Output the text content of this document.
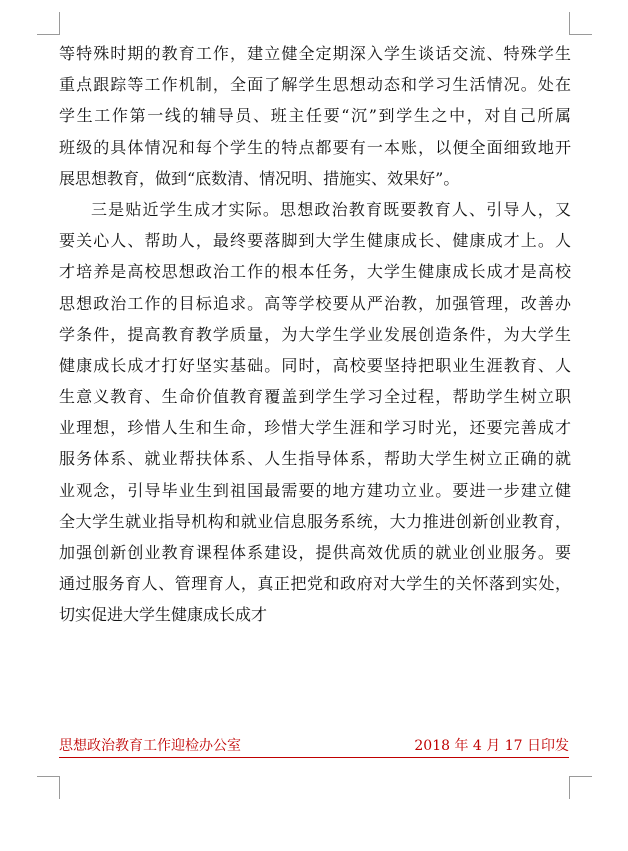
等特殊时期的教育工作，建立健全定期深入学生谈话交流、特殊学生
重点跟踪等工作机制，全面了解学生思想动态和学习生活情况。处在
学生工作第一线的辅导员、班主任要“沉”到学生之中，对自己所属
班级的具体情况和每个学生的特点都要有一本账，以便全面细致地开
展思想教育，做到“底数清、情况明、措施实、效果好”。
三是贴近学生成才实际。思想政治教育既要教育人、引导人，又
要关心人、帮助人，最终要落脚到大学生健康成长、健康成才上。人
才培养是高校思想政治工作的根本任务，大学生健康成长成才是高校
思想政治工作的目标追求。高等学校要从严治教，加强管理，改善办
学条件，提高教育教学质量，为大学生学业发展创造条件，为大学生
健康成长成才打好坚实基础。同时，高校要坚持把职业生涯教育、人
生意义教育、生命价值教育覆盖到学生学习全过程，帮助学生树立职
业理想，珍惜人生和生命，珍惜大学生涯和学习时光，还要完善成才
服务体系、就业帮扶体系、人生指导体系，帮助大学生树立正确的就
业观念，引导毕业生到祖国最需要的地方建功立业。要进一步建立健
全大学生就业指导机构和就业信息服务系统，大力推进创新创业教育，
加强创新创业教育课程体系建设，提供高效优质的就业创业服务。要
通过服务育人、管理育人，真正把党和政府对大学生的关怀落到实处，
切实促进大学生健康成长成才
思想政治教育工作迎检办公室	2018 年 4 月 17 日印发
